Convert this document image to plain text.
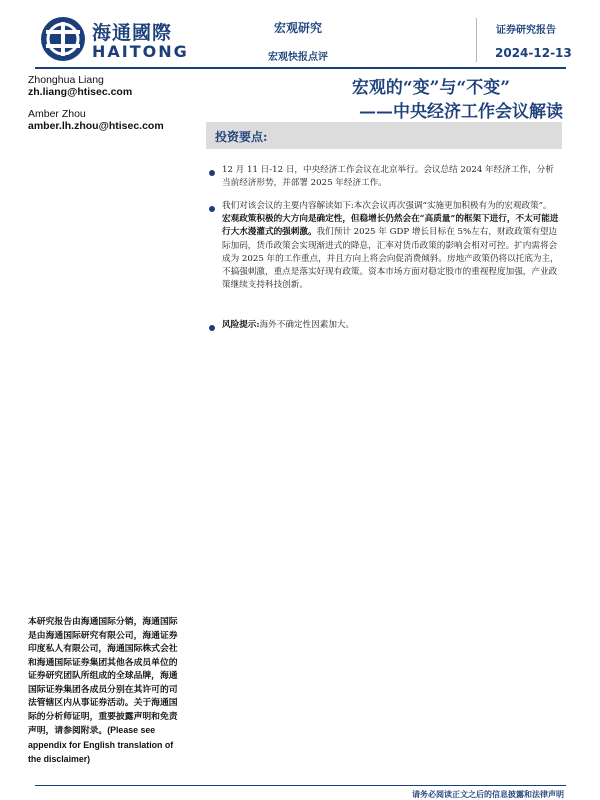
海通國際
HAITONG
宏观研究
宏观快报点评
证券研究报告
2024-12-13
Zhonghua Liang
zh.liang@htisec.com
Amber Zhou
amber.lh.zhou@htisec.com
宏观的“变”与“不变”
——中央经济工作会议解读
投资要点:
12 月 11 日-12 日，中央经济工作会议在北京举行。会议总结 2024 年经济工作，分析当前经济形势，并部署 2025 年经济工作。
我们对该会议的主要内容解读如下:本次会议再次强调“实施更加积极有为的宏观政策”。宏观政策积极的大方向是确定性，但稳增长仍然会在“高质量”的框架下进行，不太可能进行大水漫灌式的强刺激。我们预计 2025 年 GDP 增长目标在 5%左右，财政政策有望边际加码，货币政策会实现渐进式的降息，汇率对货币政策的影响会相对可控。扩内需将会成为 2025 年的工作重点，并且方向上将会向促消费倾斜。房地产政策仍将以托底为主，不搞强刺激，重点是落实好现有政策。资本市场方面对稳定股市的重视程度加强，产业政策继续支持科技创新。
风险提示:海外不确定性因素加大。
本研究报告由海通国际分销，海通国际是由海通国际研究有限公司，海通证券印度私人有限公司，海通国际株式会社和海通国际证券集团其他各成员单位的证券研究团队所组成的全球品牌，海通国际证券集团各成员分别在其许可的司法管辖区内从事证券活动。关于海通国际的分析师证明，重要披露声明和免责声明，请参阅附录。(Please see appendix for English translation of the disclaimer)
请务必阅读正文之后的信息披露和法律声明
